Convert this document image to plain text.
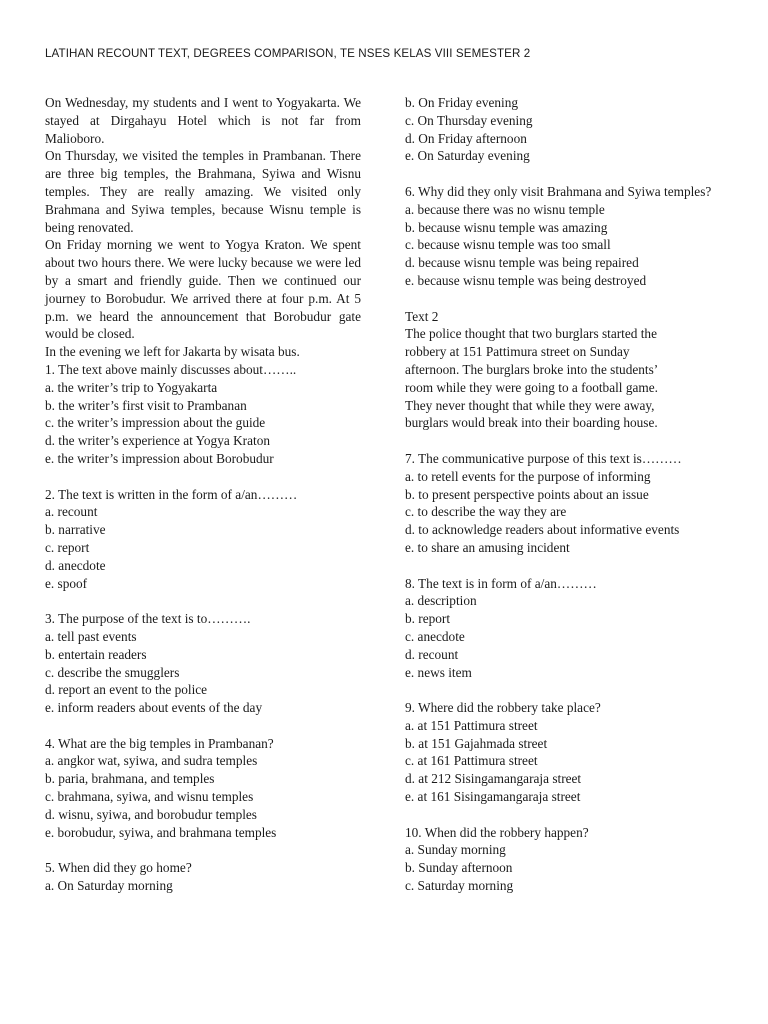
LATIHAN RECOUNT TEXT, DEGREES COMPARISON, TE NSES KELAS VIII SEMESTER 2

On Wednesday, my students and I went to Yogyakarta. We stayed at Dirgahayu Hotel which is not far from Malioboro.

On Thursday, we visited the temples in Prambanan. There are three big temples, the Brahmana, Syiwa and Wisnu temples. They are really amazing. We visited only Brahmana and Syiwa temples, because Wisnu temple is being renovated.

On Friday morning we went to Yogya Kraton. We spent about two hours there. We were lucky because we were led by a smart and friendly guide. Then we continued our journey to Borobudur. We arrived there at four p.m. At 5 p.m. we heard the announcement that Borobudur gate would be closed.

In the evening we left for Jakarta by wisata bus.

1. The text above mainly discusses about……..

a. the writer’s trip to Yogyakarta

b. the writer’s first visit to Prambanan

c. the writer’s impression about the guide

d. the writer’s experience at Yogya Kraton

e. the writer’s impression about Borobudur

2. The text is written in the form of a/an………

a. recount

b. narrative

c. report

d. anecdote

e. spoof

3. The purpose of the text is to……….

a. tell past events

b. entertain readers

c. describe the smugglers

d. report an event to the police

e. inform readers about events of the day

4. What are the big temples in Prambanan?

a. angkor wat, syiwa, and sudra temples

b. paria, brahmana, and temples

c. brahmana, syiwa, and wisnu temples

d. wisnu, syiwa, and borobudur temples

e. borobudur, syiwa, and brahmana temples

5. When did they go home?

a. On Saturday morning

b. On Friday evening

c. On Thursday evening

d. On Friday afternoon

e. On Saturday evening

6. Why did they only visit Brahmana and Syiwa temples?

a. because there was no wisnu temple

b. because wisnu temple was amazing

c. because wisnu temple was too small

d. because wisnu temple was being repaired

e. because wisnu temple was being destroyed

Text 2

The police thought that two burglars started the

robbery at 151 Pattimura street on Sunday

afternoon. The burglars broke into the students’

room while they were going to a football game.

They never thought that while they were away,

burglars would break into their boarding house.

7. The communicative purpose of this text is………

a. to retell events for the purpose of informing

b. to present perspective points about an issue

c. to describe the way they are

d. to acknowledge readers about informative events

e. to share an amusing incident

8. The text is in form of a/an………

a. description

b. report

c. anecdote

d. recount

e. news item

9. Where did the robbery take place?

a. at 151 Pattimura street

b. at 151 Gajahmada street

c. at 161 Pattimura street

d. at 212 Sisingamangaraja street

e. at 161 Sisingamangaraja street

10. When did the robbery happen?

a. Sunday morning

b. Sunday afternoon

c. Saturday morning
